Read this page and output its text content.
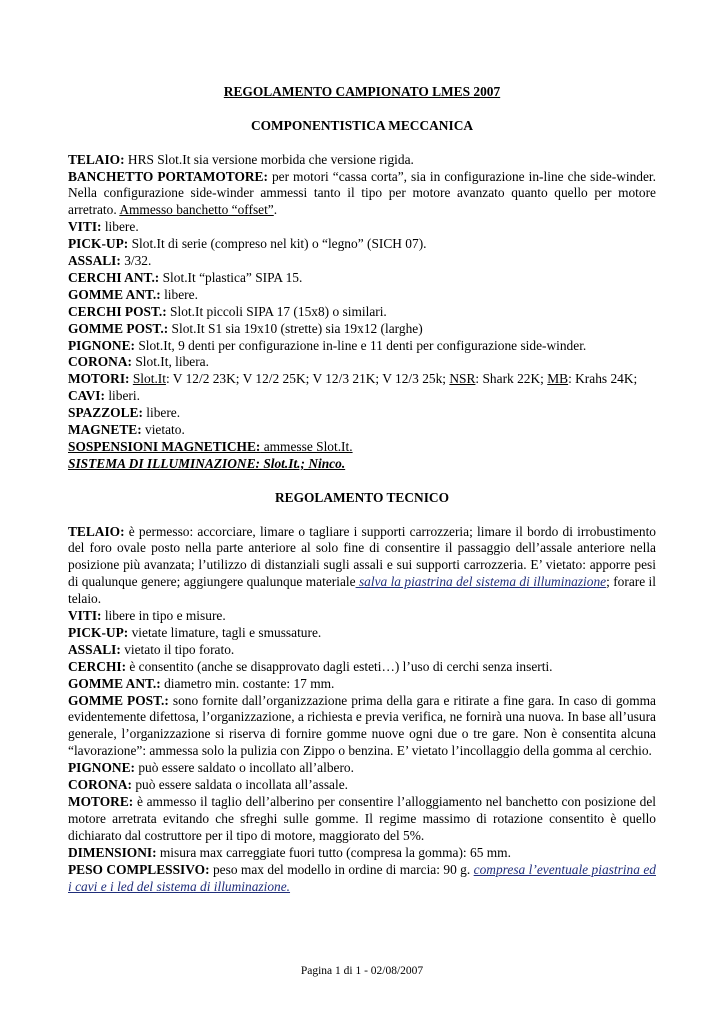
REGOLAMENTO CAMPIONATO LMES 2007
COMPONENTISTICA MECCANICA

TELAIO: HRS Slot.It sia versione morbida che versione rigida.

BANCHETTO PORTAMOTORE: per motori “cassa corta”, sia in configurazione in-line che side-winder. Nella configurazione side-winder ammessi tanto il tipo per motore avanzato quanto quello per motore arretrato. Ammesso banchetto “offset”.

VITI: libere.

PICK-UP: Slot.It di serie (compreso nel kit) o “legno” (SICH 07).

ASSALI: 3/32.

CERCHI ANT.: Slot.It “plastica” SIPA 15.

GOMME ANT.: libere.

CERCHI POST.: Slot.It piccoli SIPA 17 (15x8) o similari.

GOMME POST.: Slot.It S1 sia 19x10 (strette) sia 19x12 (larghe)

PIGNONE: Slot.It, 9 denti per configurazione in-line e 11 denti per configurazione side-winder.

CORONA: Slot.It, libera.

MOTORI: Slot.It: V 12/2 23K; V 12/2 25K; V 12/3 21K; V 12/3 25k; NSR: Shark 22K; MB: Krahs 24K;

CAVI: liberi.

SPAZZOLE: libere.

MAGNETE: vietato.

SOSPENSIONI MAGNETICHE: ammesse Slot.It.

SISTEMA DI ILLUMINAZIONE: Slot.It.; Ninco.

REGOLAMENTO TECNICO

TELAIO: è permesso: accorciare, limare o tagliare i supporti carrozzeria; limare il bordo di irrobustimento del foro ovale posto nella parte anteriore al solo fine di consentire il passaggio dell’assale anteriore nella posizione più avanzata; l’utilizzo di distanziali sugli assali e sui supporti carrozzeria. E’ vietato: apporre pesi di qualunque genere; aggiungere qualunque materiale salva la piastrina del sistema di illuminazione; forare il telaio.

VITI: libere in tipo e misure.

PICK-UP: vietate limature, tagli e smussature.

ASSALI: vietato il tipo forato.

CERCHI: è consentito (anche se disapprovato dagli esteti…) l’uso di cerchi senza inserti.

GOMME ANT.: diametro min. costante: 17 mm.

GOMME POST.: sono fornite dall’organizzazione prima della gara e ritirate a fine gara. In caso di gomma evidentemente difettosa, l’organizzazione, a richiesta e previa verifica, ne fornirà una nuova. In base all’usura generale, l’organizzazione si riserva di fornire gomme nuove ogni due o tre gare. Non è consentita alcuna “lavorazione”: ammessa solo la pulizia con Zippo o benzina. E’ vietato l’incollaggio della gomma al cerchio.

PIGNONE: può essere saldato o incollato all’albero.

CORONA: può essere saldata o incollata all’assale.

MOTORE: è ammesso il taglio dell’alberino per consentire l’alloggiamento nel banchetto con posizione del motore arretrata evitando che sfreghi sulle gomme. Il regime massimo di rotazione consentito è quello dichiarato dal costruttore per il tipo di motore, maggiorato del 5%.

DIMENSIONI: misura max carreggiate fuori tutto (compresa la gomma): 65 mm.

PESO COMPLESSIVO: peso max del modello in ordine di marcia: 90 g. compresa l’eventuale piastrina ed i cavi e i led del sistema di illuminazione.

Pagina 1 di 1 - 02/08/2007
